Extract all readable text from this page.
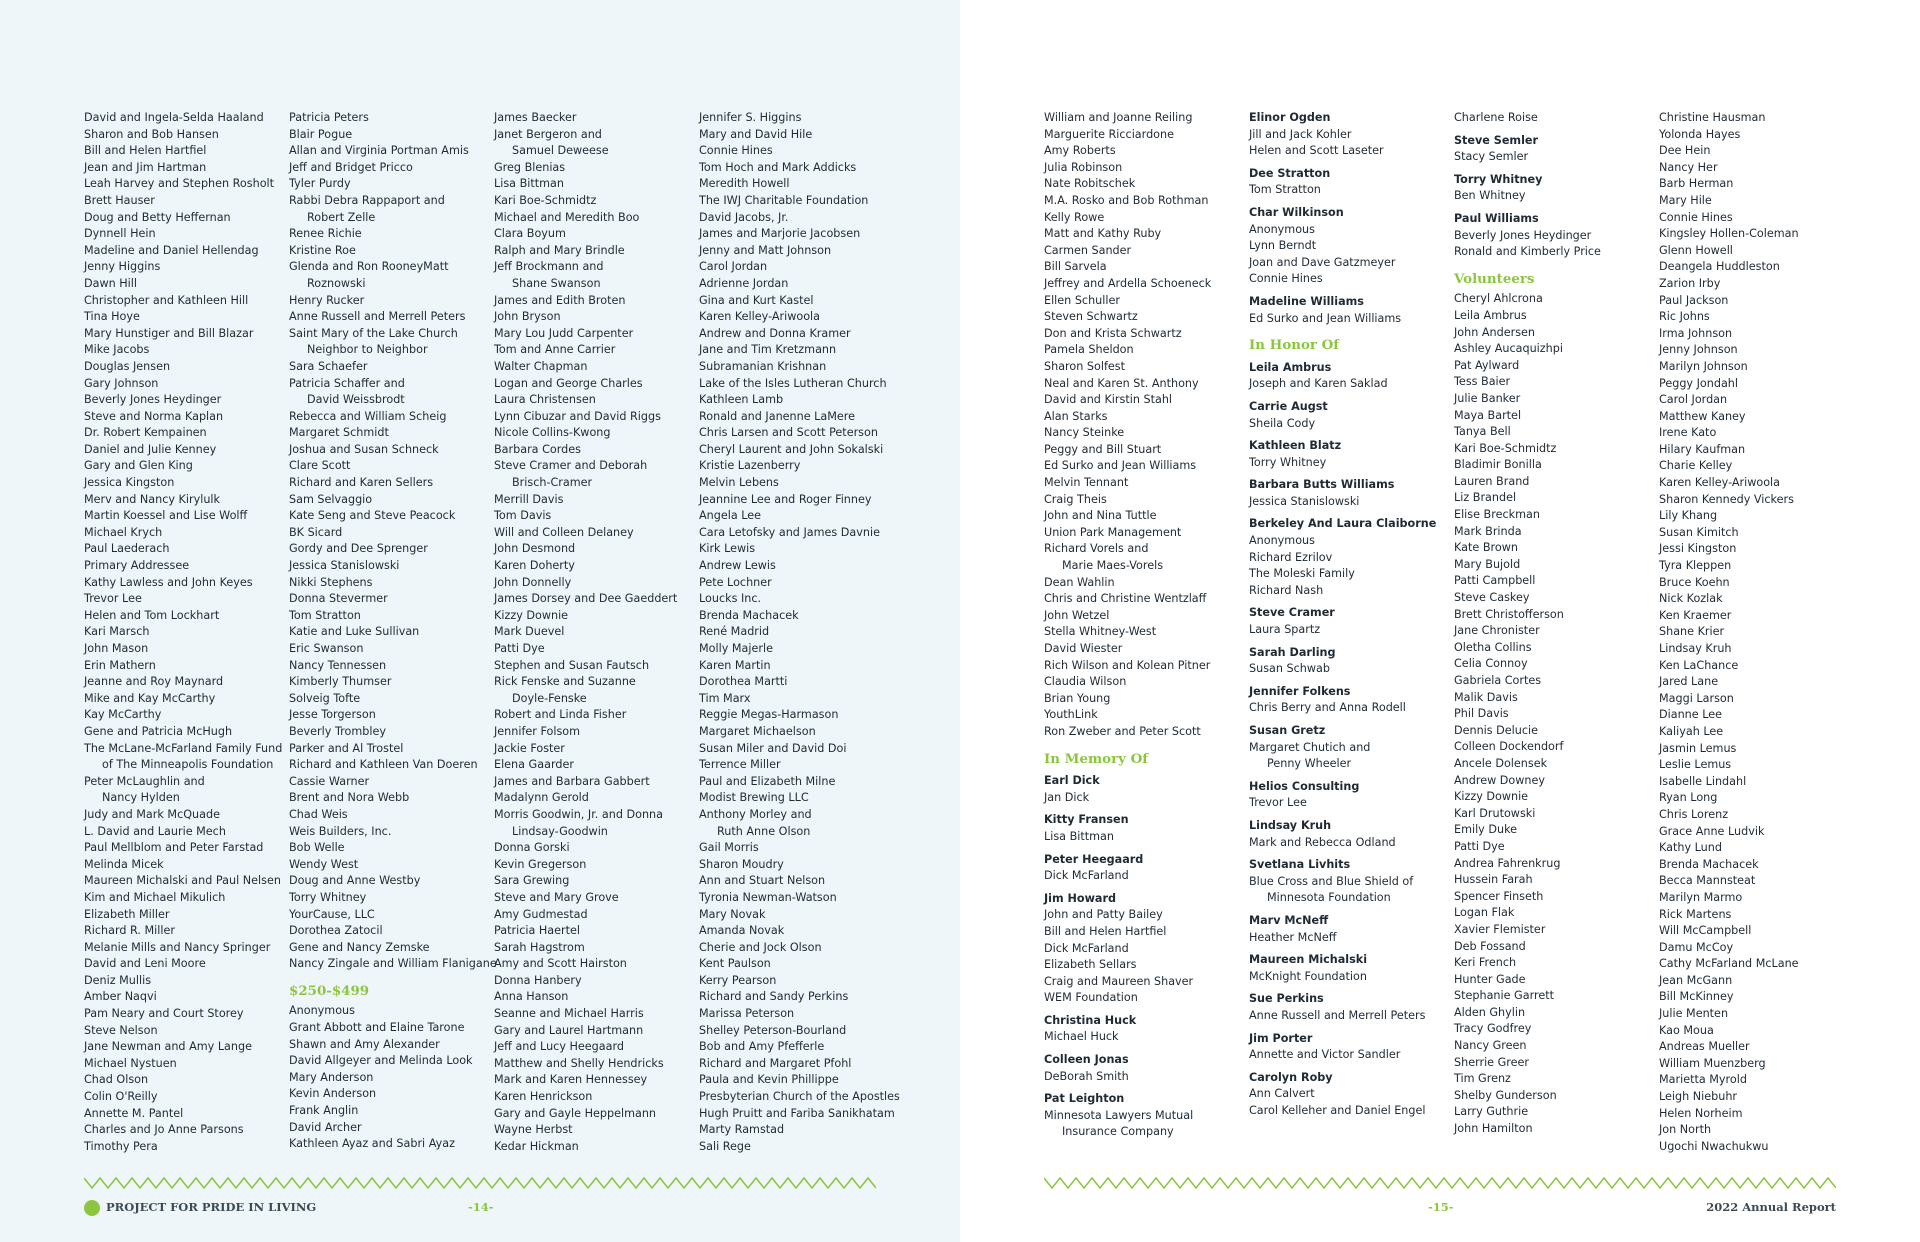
David and Ingela-Selda Haaland
Sharon and Bob Hansen
Bill and Helen Hartfiel
Jean and Jim Hartman
Leah Harvey and Stephen Rosholt
Brett Hauser
Doug and Betty Heffernan
Dynnell Hein
Madeline and Daniel Hellendag
Jenny Higgins
Dawn Hill
Christopher and Kathleen Hill
Tina Hoye
Mary Hunstiger and Bill Blazar
Mike Jacobs
Douglas Jensen
Gary Johnson
Beverly Jones Heydinger
Steve and Norma Kaplan
Dr. Robert Kempainen
Daniel and Julie Kenney
Gary and Glen King
Jessica Kingston
Merv and Nancy Kirylulk
Martin Koessel and Lise Wolff
Michael Krych
Paul Laederach
Primary Addressee
Kathy Lawless and John Keyes
Trevor Lee
Helen and Tom Lockhart
Kari Marsch
John Mason
Erin Mathern
Jeanne and Roy Maynard
Mike and Kay McCarthy
Kay McCarthy
Gene and Patricia McHugh
The McLane-McFarland Family Fund
of The Minneapolis Foundation
Peter McLaughlin and
Nancy Hylden
Judy and Mark McQuade
L. David and Laurie Mech
Paul Mellblom and Peter Farstad
Melinda Micek
Maureen Michalski and Paul Nelsen
Kim and Michael Mikulich
Elizabeth Miller
Richard R. Miller
Melanie Mills and Nancy Springer
David and Leni Moore
Deniz Mullis
Amber Naqvi
Pam Neary and Court Storey
Steve Nelson
Jane Newman and Amy Lange
Michael Nystuen
Chad Olson
Colin O'Reilly
Annette M. Pantel
Charles and Jo Anne Parsons
Timothy Pera
Patricia Peters
Blair Pogue
Allan and Virginia Portman Amis
Jeff and Bridget Pricco
Tyler Purdy
Rabbi Debra Rappaport and
Robert Zelle
Renee Richie
Kristine Roe
Glenda and Ron RooneyMatt
Roznowski
Henry Rucker
Anne Russell and Merrell Peters
Saint Mary of the Lake Church
Neighbor to Neighbor
Sara Schaefer
Patricia Schaffer and
David Weissbrodt
Rebecca and William Scheig
Margaret Schmidt
Joshua and Susan Schneck
Clare Scott
Richard and Karen Sellers
Sam Selvaggio
Kate Seng and Steve Peacock
BK Sicard
Gordy and Dee Sprenger
Jessica Stanislowski
Nikki Stephens
Donna Stevermer
Tom Stratton
Katie and Luke Sullivan
Eric Swanson
Nancy Tennessen
Kimberly Thumser
Solveig Tofte
Jesse Torgerson
Beverly Trombley
Parker and Al Trostel
Richard and Kathleen Van Doeren
Cassie Warner
Brent and Nora Webb
Chad Weis
Weis Builders, Inc.
Bob Welle
Wendy West
Doug and Anne Westby
Torry Whitney
YourCause, LLC
Dorothea Zatocil
Gene and Nancy Zemske
Nancy Zingale and William Flanigane
$250-$499
Anonymous
Grant Abbott and Elaine Tarone
Shawn and Amy Alexander
David Allgeyer and Melinda Look
Mary Anderson
Kevin Anderson
Frank Anglin
David Archer
Kathleen Ayaz and Sabri Ayaz
James Baecker
Janet Bergeron and
Samuel Deweese
Greg Blenias
Lisa Bittman
Kari Boe-Schmidtz
Michael and Meredith Boo
Clara Boyum
Ralph and Mary Brindle
Jeff Brockmann and
Shane Swanson
James and Edith Broten
John Bryson
Mary Lou Judd Carpenter
Tom and Anne Carrier
Walter Chapman
Logan and George Charles
Laura Christensen
Lynn Cibuzar and David Riggs
Nicole Collins-Kwong
Barbara Cordes
Steve Cramer and Deborah
Brisch-Cramer
Merrill Davis
Tom Davis
Will and Colleen Delaney
John Desmond
Karen Doherty
John Donnelly
James Dorsey and Dee Gaeddert
Kizzy Downie
Mark Duevel
Patti Dye
Stephen and Susan Fautsch
Rick Fenske and Suzanne
Doyle-Fenske
Robert and Linda Fisher
Jennifer Folsom
Jackie Foster
Elena Gaarder
James and Barbara Gabbert
Madalynn Gerold
Morris Goodwin, Jr. and Donna
Lindsay-Goodwin
Donna Gorski
Kevin Gregerson
Sara Grewing
Steve and Mary Grove
Amy Gudmestad
Patricia Haertel
Sarah Hagstrom
Amy and Scott Hairston
Donna Hanbery
Anna Hanson
Seanne and Michael Harris
Gary and Laurel Hartmann
Jeff and Lucy Heegaard
Matthew and Shelly Hendricks
Mark and Karen Hennessey
Karen Henrickson
Gary and Gayle Heppelmann
Wayne Herbst
Kedar Hickman
Jennifer S. Higgins
Mary and David Hile
Connie Hines
Tom Hoch and Mark Addicks
Meredith Howell
The IWJ Charitable Foundation
David Jacobs, Jr.
James and Marjorie Jacobsen
Jenny and Matt Johnson
Carol Jordan
Adrienne Jordan
Gina and Kurt Kastel
Karen Kelley-Ariwoola
Andrew and Donna Kramer
Jane and Tim Kretzmann
Subramanian Krishnan
Lake of the Isles Lutheran Church
Kathleen Lamb
Ronald and Janenne LaMere
Chris Larsen and Scott Peterson
Cheryl Laurent and John Sokalski
Kristie Lazenberry
Melvin Lebens
Jeannine Lee and Roger Finney
Angela Lee
Cara Letofsky and James Davnie
Kirk Lewis
Andrew Lewis
Pete Lochner
Loucks Inc.
Brenda Machacek
René Madrid
Molly Majerle
Karen Martin
Dorothea Martti
Tim Marx
Reggie Megas-Harmason
Margaret Michaelson
Susan Miler and David Doi
Terrence Miller
Paul and Elizabeth Milne
Modist Brewing LLC
Anthony Morley and
Ruth Anne Olson
Gail Morris
Sharon Moudry
Ann and Stuart Nelson
Tyronia Newman-Watson
Mary Novak
Amanda Novak
Cherie and Jock Olson
Kent Paulson
Kerry Pearson
Richard and Sandy Perkins
Marissa Peterson
Shelley Peterson-Bourland
Bob and Amy Pfefferle
Richard and Margaret Pfohl
Paula and Kevin Phillippe
Presbyterian Church of the Apostles
Hugh Pruitt and Fariba Sanikhatam
Marty Ramstad
Sali Rege
PROJECT FOR PRIDE IN LIVING	-14-
William and Joanne Reiling
Marguerite Ricciardone
Amy Roberts
Julia Robinson
Nate Robitschek
M.A. Rosko and Bob Rothman
Kelly Rowe
Matt and Kathy Ruby
Carmen Sander
Bill Sarvela
Jeffrey and Ardella Schoeneck
Ellen Schuller
Steven Schwartz
Don and Krista Schwartz
Pamela Sheldon
Sharon Solfest
Neal and Karen St. Anthony
David and Kirstin Stahl
Alan Starks
Nancy Steinke
Peggy and Bill Stuart
Ed Surko and Jean Williams
Melvin Tennant
Craig Theis
John and Nina Tuttle
Union Park Management
Richard Vorels and
Marie Maes-Vorels
Dean Wahlin
Chris and Christine Wentzlaff
John Wetzel
Stella Whitney-West
David Wiester
Rich Wilson and Kolean Pitner
Claudia Wilson
Brian Young
YouthLink
Ron Zweber and Peter Scott
In Memory Of
Earl Dick
Jan Dick
Kitty Fransen
Lisa Bittman
Peter Heegaard
Dick McFarland
Jim Howard
John and Patty Bailey
Bill and Helen Hartfiel
Dick McFarland
Elizabeth Sellars
Craig and Maureen Shaver
WEM Foundation
Christina Huck
Michael Huck
Colleen Jonas
DeBorah Smith
Pat Leighton
Minnesota Lawyers Mutual
Insurance Company
Elinor Ogden
Jill and Jack Kohler
Helen and Scott Laseter
Dee Stratton
Tom Stratton
Char Wilkinson
Anonymous
Lynn Berndt
Joan and Dave Gatzmeyer
Connie Hines
Madeline Williams
Ed Surko and Jean Williams
In Honor Of
Leila Ambrus
Joseph and Karen Saklad
Carrie Augst
Sheila Cody
Kathleen Blatz
Torry Whitney
Barbara Butts Williams
Jessica Stanislowski
Berkeley And Laura Claiborne
Anonymous
Richard Ezrilov
The Moleski Family
Richard Nash
Steve Cramer
Laura Spartz
Sarah Darling
Susan Schwab
Jennifer Folkens
Chris Berry and Anna Rodell
Susan Gretz
Margaret Chutich and
Penny Wheeler
Helios Consulting
Trevor Lee
Lindsay Kruh
Mark and Rebecca Odland
Svetlana Livhits
Blue Cross and Blue Shield of
Minnesota Foundation
Marv McNeff
Heather McNeff
Maureen Michalski
McKnight Foundation
Sue Perkins
Anne Russell and Merrell Peters
Jim Porter
Annette and Victor Sandler
Carolyn Roby
Ann Calvert
Carol Kelleher and Daniel Engel
Charlene Roise
Steve Semler
Stacy Semler
Torry Whitney
Ben Whitney
Paul Williams
Beverly Jones Heydinger
Ronald and Kimberly Price
Volunteers
Cheryl Ahlcrona
Leila Ambrus
John Andersen
Ashley Aucaquizhpi
Pat Aylward
Tess Baier
Julie Banker
Maya Bartel
Tanya Bell
Kari Boe-Schmidtz
Bladimir Bonilla
Lauren Brand
Liz Brandel
Elise Breckman
Mark Brinda
Kate Brown
Mary Bujold
Patti Campbell
Steve Caskey
Brett Christofferson
Jane Chronister
Oletha Collins
Celia Connoy
Gabriela Cortes
Malik Davis
Phil Davis
Dennis Delucie
Colleen Dockendorf
Ancele Dolensek
Andrew Downey
Kizzy Downie
Karl Drutowski
Emily Duke
Patti Dye
Andrea Fahrenkrug
Hussein Farah
Spencer Finseth
Logan Flak
Xavier Flemister
Deb Fossand
Keri French
Hunter Gade
Stephanie Garrett
Alden Ghylin
Tracy Godfrey
Nancy Green
Sherrie Greer
Tim Grenz
Shelby Gunderson
Larry Guthrie
John Hamilton
Christine Hausman
Yolonda Hayes
Dee Hein
Nancy Her
Barb Herman
Mary Hile
Connie Hines
Kingsley Hollen-Coleman
Glenn Howell
Deangela Huddleston
Zarion Irby
Paul Jackson
Ric Johns
Irma Johnson
Jenny Johnson
Marilyn Johnson
Peggy Jondahl
Carol Jordan
Matthew Kaney
Irene Kato
Hilary Kaufman
Charie Kelley
Karen Kelley-Ariwoola
Sharon Kennedy Vickers
Lily Khang
Susan Kimitch
Jessi Kingston
Tyra Kleppen
Bruce Koehn
Nick Kozlak
Ken Kraemer
Shane Krier
Lindsay Kruh
Ken LaChance
Jared Lane
Maggi Larson
Dianne Lee
Kaliyah Lee
Jasmin Lemus
Leslie Lemus
Isabelle Lindahl
Ryan Long
Chris Lorenz
Grace Anne Ludvik
Kathy Lund
Brenda Machacek
Becca Mannsteat
Marilyn Marmo
Rick Martens
Will McCampbell
Damu McCoy
Cathy McFarland McLane
Jean McGann
Bill McKinney
Julie Menten
Kao Moua
Andreas Mueller
William Muenzberg
Marietta Myrold
Leigh Niebuhr
Helen Norheim
Jon North
Ugochi Nwachukwu
-15-	2022 Annual Report
